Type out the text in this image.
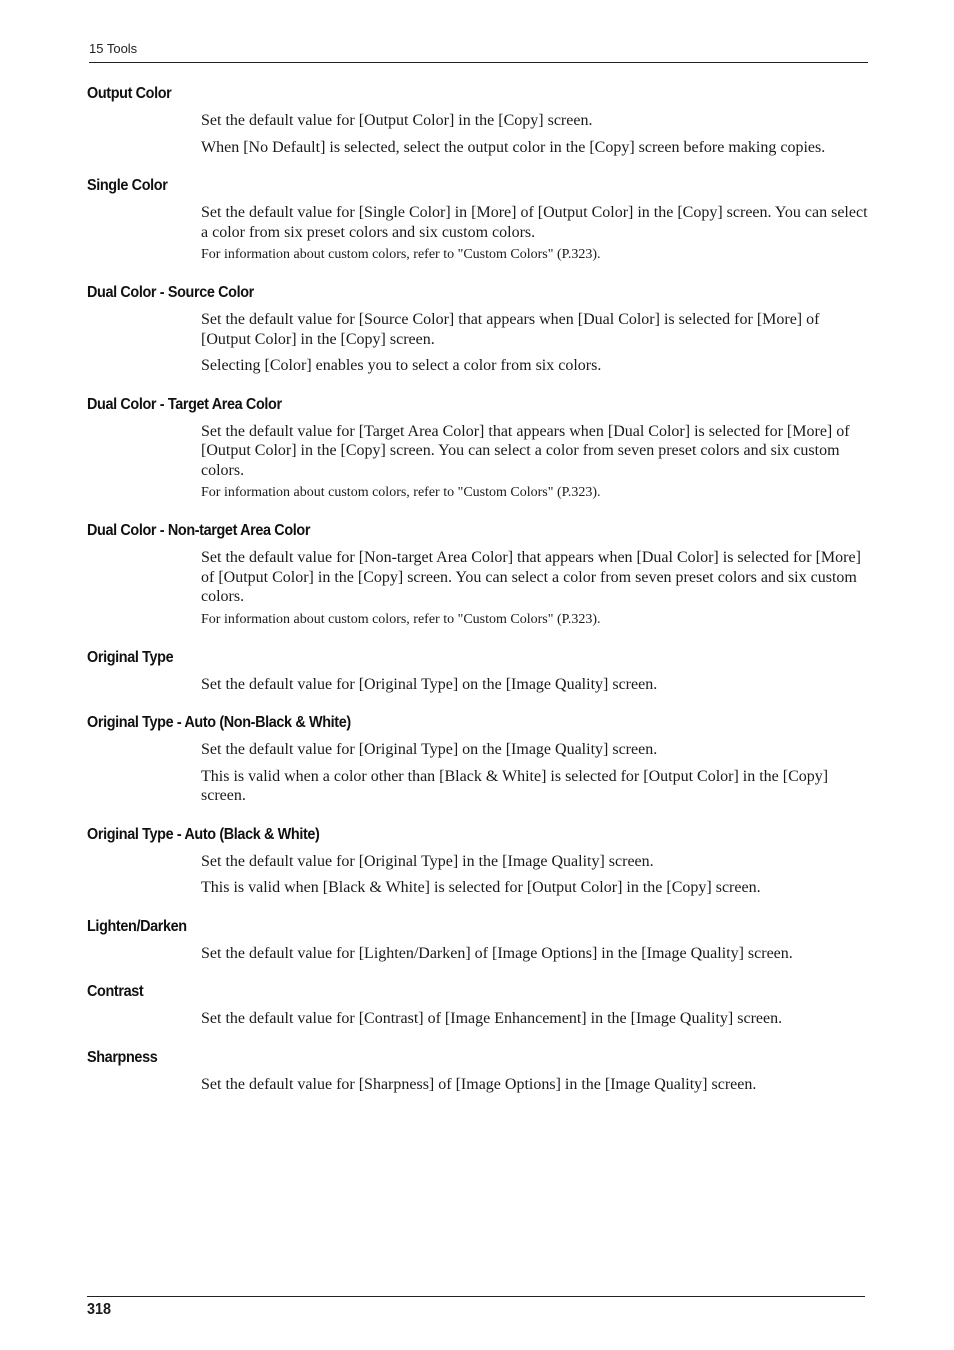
15 Tools
Output Color

Set the default value for [Output Color] in the [Copy] screen.

When [No Default] is selected, select the output color in the [Copy] screen before making copies.

Single Color

Set the default value for [Single Color] in [More] of [Output Color] in the [Copy] screen. You can select a color from six preset colors and six custom colors.

For information about custom colors, refer to "Custom Colors" (P.323).

Dual Color - Source Color

Set the default value for [Source Color] that appears when [Dual Color] is selected for [More] of [Output Color] in the [Copy] screen.

Selecting [Color] enables you to select a color from six colors.

Dual Color - Target Area Color

Set the default value for [Target Area Color] that appears when [Dual Color] is selected for [More] of [Output Color] in the [Copy] screen. You can select a color from seven preset colors and six custom colors.

For information about custom colors, refer to "Custom Colors" (P.323).

Dual Color - Non-target Area Color

Set the default value for [Non-target Area Color] that appears when [Dual Color] is selected for [More] of [Output Color] in the [Copy] screen. You can select a color from seven preset colors and six custom colors.

For information about custom colors, refer to "Custom Colors" (P.323).

Original Type

Set the default value for [Original Type] on the [Image Quality] screen.

Original Type - Auto (Non-Black & White)

Set the default value for [Original Type] on the [Image Quality] screen.

This is valid when a color other than [Black & White] is selected for [Output Color] in the [Copy] screen.

Original Type - Auto (Black & White)

Set the default value for [Original Type] in the [Image Quality] screen.

This is valid when [Black & White] is selected for [Output Color] in the [Copy] screen.

Lighten/Darken

Set the default value for [Lighten/Darken] of [Image Options] in the [Image Quality] screen.

Contrast

Set the default value for [Contrast] of [Image Enhancement] in the [Image Quality] screen.

Sharpness

Set the default value for [Sharpness] of [Image Options] in the [Image Quality] screen.

318
